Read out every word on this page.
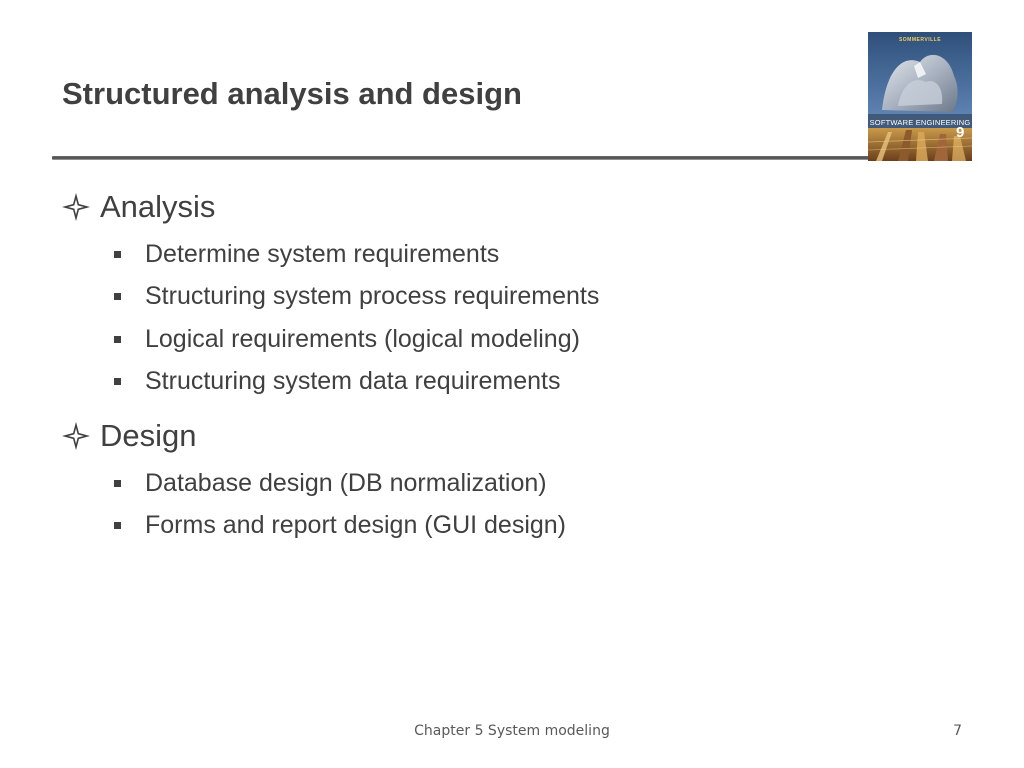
Structured analysis and design
SOMMERVILLE
SOFTWARE ENGINEERING
9
Analysis
Determine system requirements
Structuring system process requirements
Logical requirements (logical modeling)
Structuring system data requirements
Design
Database design (DB normalization)
Forms and report design (GUI design)
Chapter 5 System modeling	7
